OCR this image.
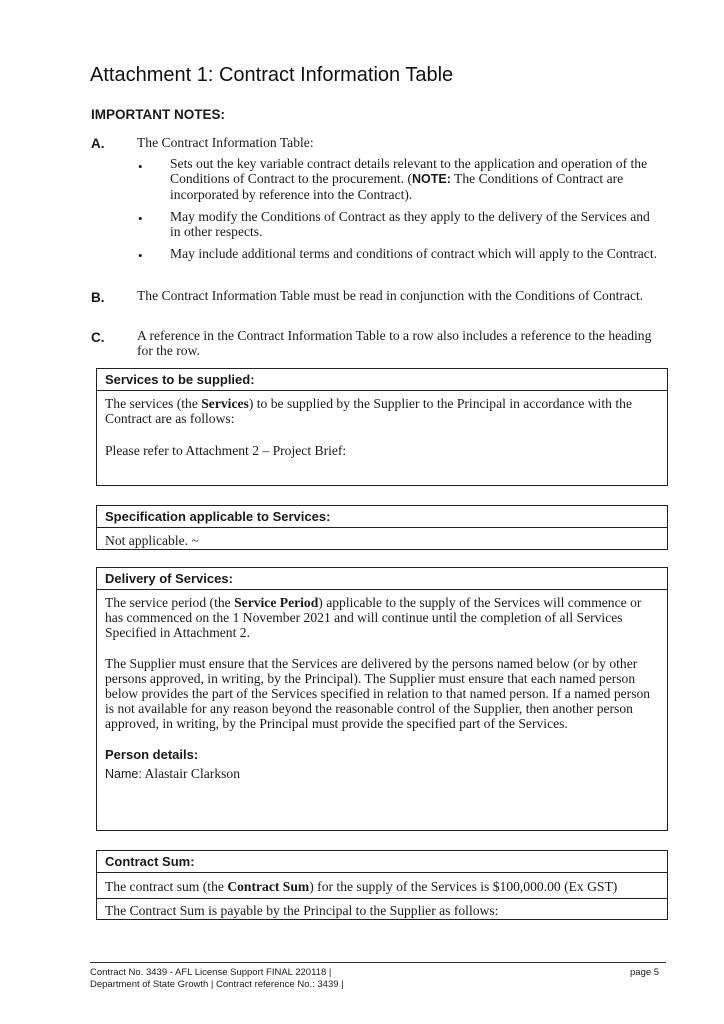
Attachment 1: Contract Information Table
IMPORTANT NOTES:
A. The Contract Information Table:
• Sets out the key variable contract details relevant to the application and operation of the Conditions of Contract to the procurement. (NOTE: The Conditions of Contract are incorporated by reference into the Contract).
• May modify the Conditions of Contract as they apply to the delivery of the Services and in other respects.
• May include additional terms and conditions of contract which will apply to the Contract.
B. The Contract Information Table must be read in conjunction with the Conditions of Contract.
C. A reference in the Contract Information Table to a row also includes a reference to the heading for the row.
Services to be supplied:

The services (the Services) to be supplied by the Supplier to the Principal in accordance with the Contract are as follows:

Please refer to Attachment 2 – Project Brief:

Specification applicable to Services:

Not applicable. ~

Delivery of Services:

The service period (the Service Period) applicable to the supply of the Services will commence or has commenced on the 1 November 2021 and will continue until the completion of all Services Specified in Attachment 2.

The Supplier must ensure that the Services are delivered by the persons named below (or by other persons approved, in writing, by the Principal). The Supplier must ensure that each named person below provides the part of the Services specified in relation to that named person. If a named person is not available for any reason beyond the reasonable control of the Supplier, then another person approved, in writing, by the Principal must provide the specified part of the Services.

Person details:

Name: Alastair Clarkson

Contract Sum:

The contract sum (the Contract Sum) for the supply of the Services is $100,000.00 (Ex GST)

The Contract Sum is payable by the Principal to the Supplier as follows:

Contract No. 3439 - AFL License Support FINAL 220118 |
Department of State Growth | Contract reference No.: 3439 |
page 5
